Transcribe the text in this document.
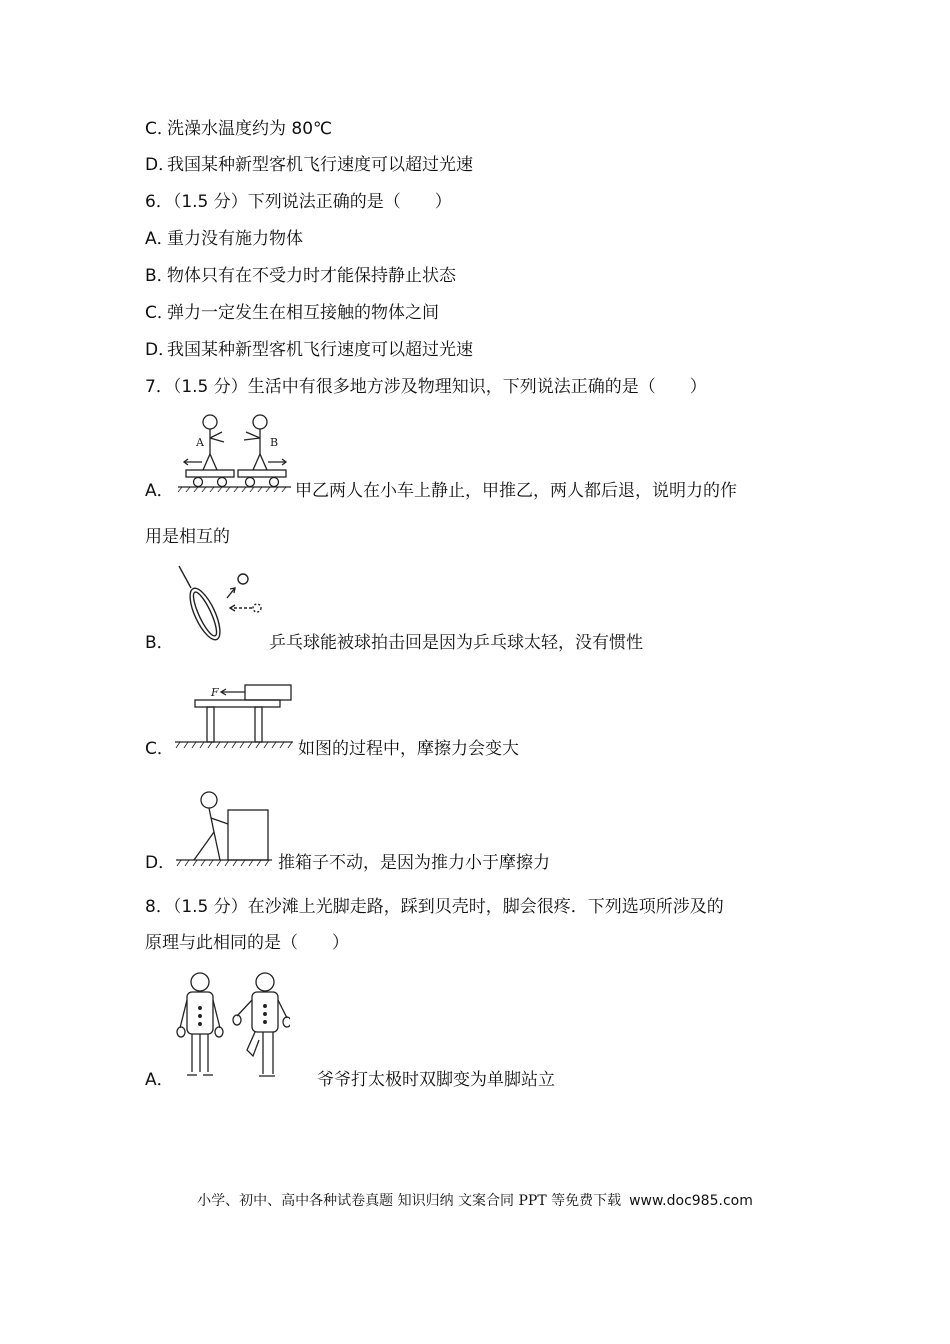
C．洗澡水温度约为 80℃
D．我国某种新型客机飞行速度可以超过光速
6．（1.5 分）下列说法正确的是（　　）
A．重力没有施力物体
B．物体只有在不受力时才能保持静止状态
C．弹力一定发生在相互接触的物体之间
D．我国某种新型客机飞行速度可以超过光速
7．（1.5 分）生活中有很多地方涉及物理知识，下列说法正确的是（　　）
A	B
A．	甲乙两人在小车上静止，甲推乙，两人都后退，说明力的作
用是相互的
B．	乒乓球能被球拍击回是因为乒乓球太轻，没有惯性
F
C．	如图的过程中，摩擦力会变大
D．	推箱子不动，是因为推力小于摩擦力
8．（1.5 分）在沙滩上光脚走路，踩到贝壳时，脚会很疼．下列选项所涉及的
原理与此相同的是（　　）
A．	爷爷打太极时双脚变为单脚站立
小学、初中、高中各种试卷真题 知识归纳 文案合同 PPT 等免费下载 www.doc985.com
